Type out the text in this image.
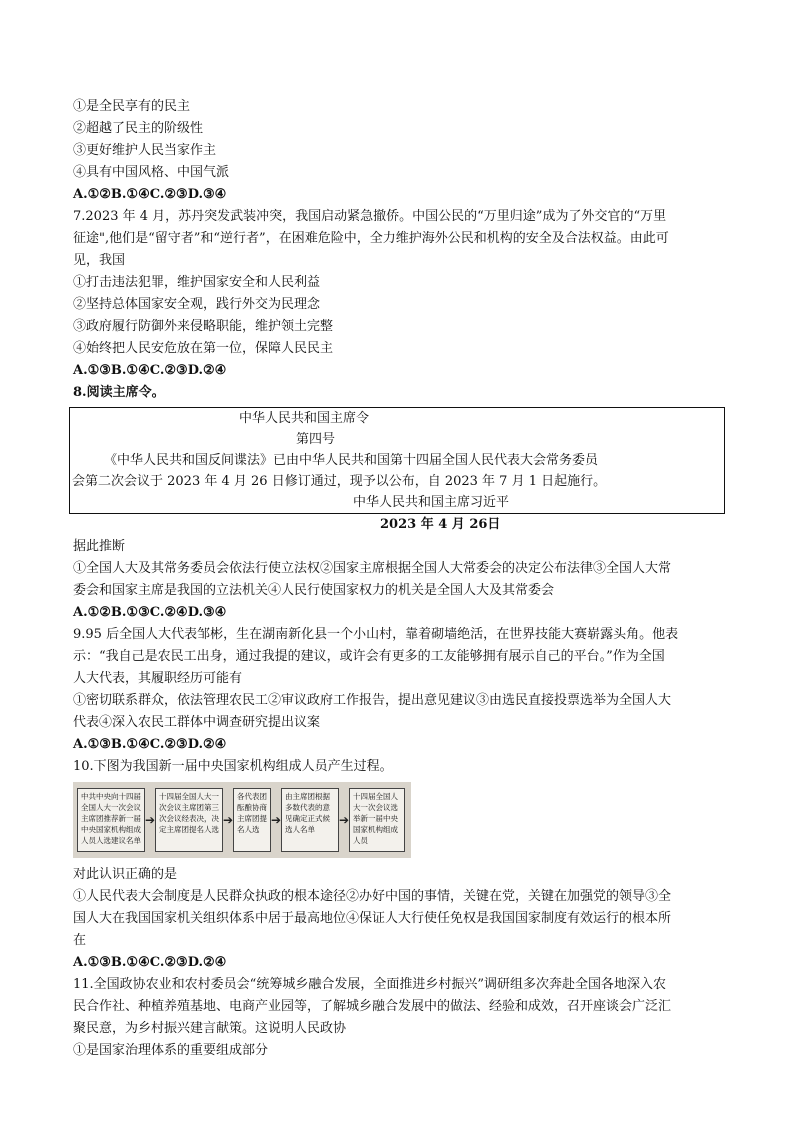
①是全民享有的民主
②超越了民主的阶级性
③更好维护人民当家作主
④具有中国风格、中国气派
A.①②B.①④C.②③D.③④
7.2023 年 4 月，苏丹突发武装冲突，我国启动紧急撤侨。中国公民的“万里归途”成为了外交官的“万里
征途",他们是“留守者”和“逆行者”，在困难危险中，全力维护海外公民和机构的安全及合法权益。由此可
见，我国
①打击违法犯罪，维护国家安全和人民利益
②坚持总体国家安全观，践行外交为民理念
③政府履行防御外来侵略职能，维护领土完整
④始终把人民安危放在第一位，保障人民民主
A.①③B.①④C.②③D.②④
8.阅读主席令。
中华人民共和国主席令
第四号
《中华人民共和国反间谍法》已由中华人民共和国第十四届全国人民代表大会常务委员
会第二次会议于 2023 年 4 月 26 日修订通过，现予以公布，自 2023 年 7 月 1 日起施行。
中华人民共和国主席习近平
2023 年 4 月 26日
据此推断
①全国人大及其常务委员会依法行使立法权②国家主席根据全国人大常委会的决定公布法律③全国人大常
委会和国家主席是我国的立法机关④人民行使国家权力的机关是全国人大及其常委会
A.①②B.①③C.②④D.③④
9.95 后全国人大代表邹彬，生在湖南新化县一个小山村，靠着砌墙绝活，在世界技能大赛崭露头角。他表
示：“我自己是农民工出身，通过我提的建议，或许会有更多的工友能够拥有展示自己的平台。”作为全国
人大代表，其履职经历可能有
①密切联系群众，依法管理农民工②审议政府工作报告，提出意见建议③由选民直接投票选举为全国人大
代表④深入农民工群体中调查研究提出议案
A.①③B.①④C.②③D.②④
10.下图为我国新一届中央国家机构组成人员产生过程。
中共中央向十四届全国人大一次会议主席团推荐新一届中央国家机构组成人员人选建议名单
➔
十四届全国人大一次会议主席团第三次会议经表决，决定主席团提名人选
➔
各代表团酝酿协商主席团提名人选
➔
由主席团根据多数代表的意见确定正式候选人名单
➔
十四届全国人大一次会议选举新一届中央国家机构组成人员
对此认识正确的是
①人民代表大会制度是人民群众执政的根本途径②办好中国的事情，关键在党，关键在加强党的领导③全
国人大在我国国家机关组织体系中居于最高地位④保证人大行使任免权是我国国家制度有效运行的根本所
在
A.①③B.①④C.②③D.②④
11.全国政协农业和农村委员会“统筹城乡融合发展，全面推进乡村振兴”调研组多次奔赴全国各地深入农
民合作社、种植养殖基地、电商产业园等，了解城乡融合发展中的做法、经验和成效，召开座谈会广泛汇
聚民意，为乡村振兴建言献策。这说明人民政协
①是国家治理体系的重要组成部分
